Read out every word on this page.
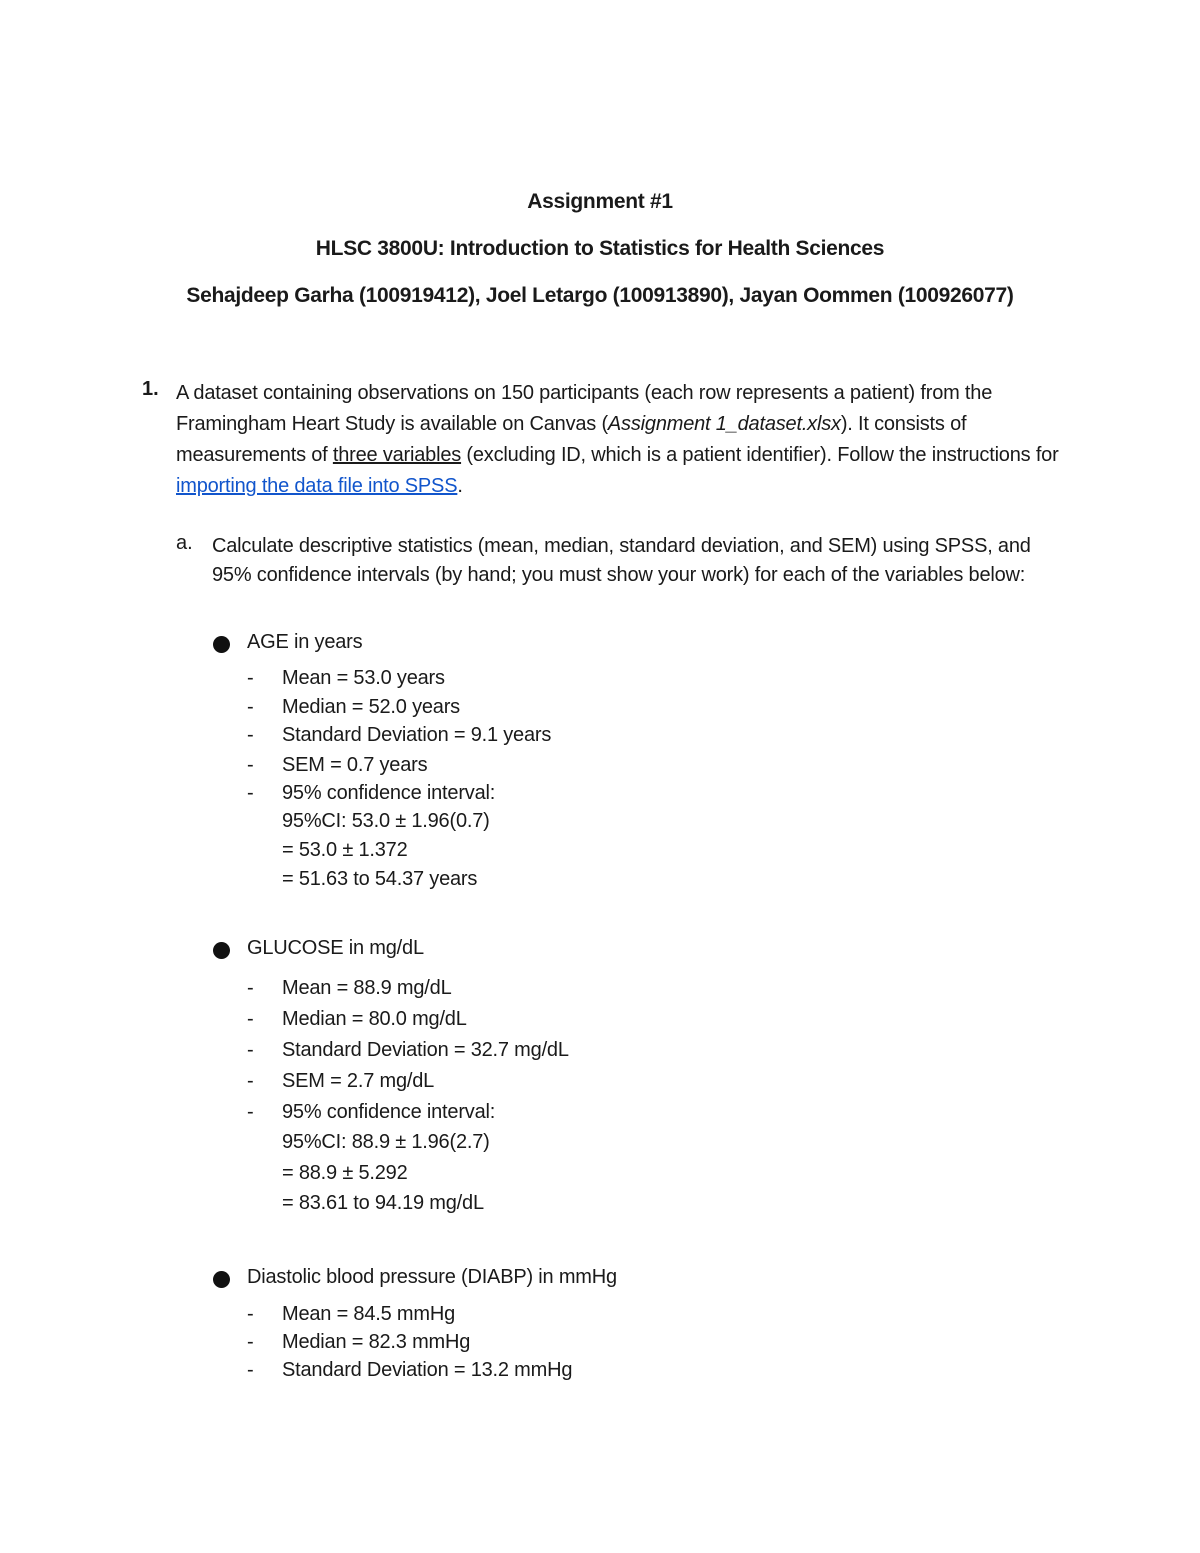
Assignment #1
HLSC 3800U: Introduction to Statistics for Health Sciences
Sehajdeep Garha (100919412), Joel Letargo (100913890), Jayan Oommen (100926077)
1. A dataset containing observations on 150 participants (each row represents a patient) from the Framingham Heart Study is available on Canvas (Assignment 1_dataset.xlsx). It consists of measurements of three variables (excluding ID, which is a patient identifier). Follow the instructions for importing the data file into SPSS.
a. Calculate descriptive statistics (mean, median, standard deviation, and SEM) using SPSS, and 95% confidence intervals (by hand; you must show your work) for each of the variables below:
AGE in years
- Mean = 53.0 years
- Median = 52.0 years
- Standard Deviation = 9.1 years
- SEM = 0.7 years
- 95% confidence interval:
95%CI: 53.0 ± 1.96(0.7)
= 53.0 ± 1.372
= 51.63 to 54.37 years
GLUCOSE in mg/dL
- Mean = 88.9 mg/dL
- Median = 80.0 mg/dL
- Standard Deviation = 32.7 mg/dL
- SEM = 2.7 mg/dL
- 95% confidence interval:
95%CI: 88.9 ± 1.96(2.7)
= 88.9 ± 5.292
= 83.61 to 94.19 mg/dL
Diastolic blood pressure (DIABP) in mmHg
- Mean = 84.5 mmHg
- Median = 82.3 mmHg
- Standard Deviation = 13.2 mmHg
